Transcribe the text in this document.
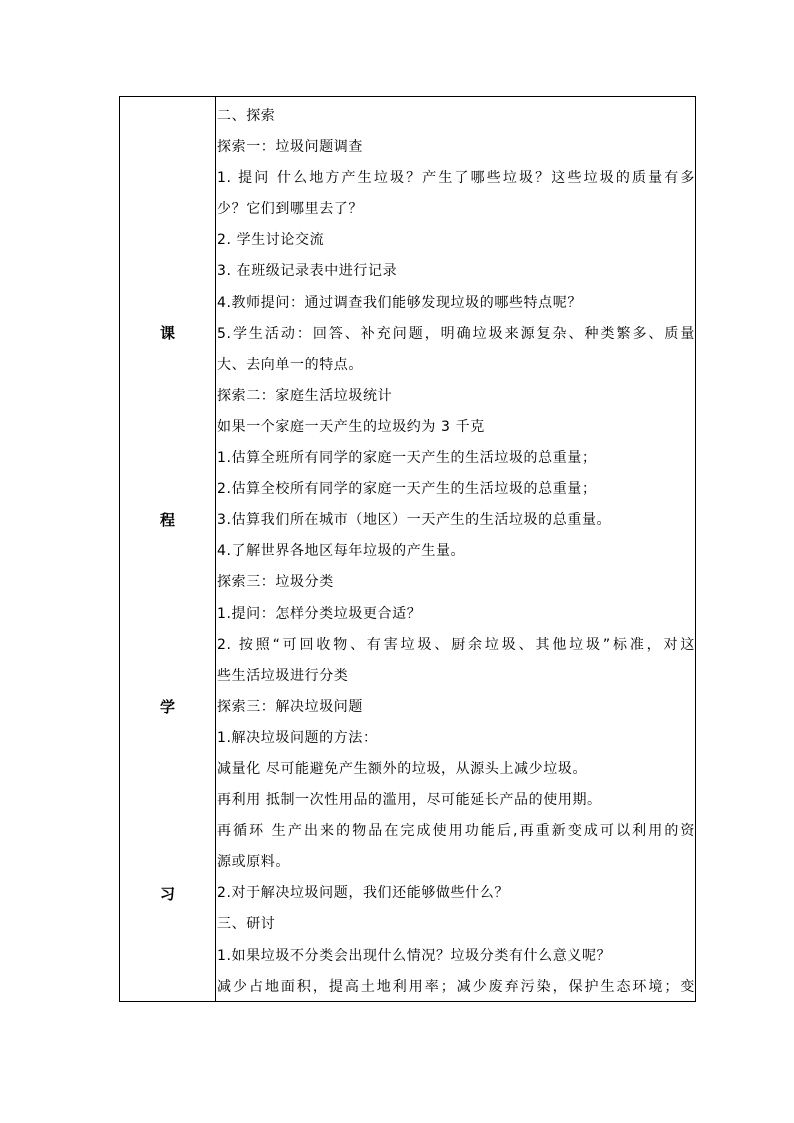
课
程
学
习
二、探索
探索一：垃圾问题调查
1. 提问 什么地方产生垃圾？产生了哪些垃圾？这些垃圾的质量有多
少？它们到哪里去了？
2. 学生讨论交流
3. 在班级记录表中进行记录
4.教师提问：通过调查我们能够发现垃圾的哪些特点呢？
5.学生活动：回答、补充问题，明确垃圾来源复杂、种类繁多、质量
大、去向单一的特点。
探索二：家庭生活垃圾统计
如果一个家庭一天产生的垃圾约为 3 千克
1.估算全班所有同学的家庭一天产生的生活垃圾的总重量；
2.估算全校所有同学的家庭一天产生的生活垃圾的总重量；
3.估算我们所在城市（地区）一天产生的生活垃圾的总重量。
4.了解世界各地区每年垃圾的产生量。
探索三：垃圾分类
1.提问：怎样分类垃圾更合适？
2. 按照“可回收物、有害垃圾、厨余垃圾、其他垃圾”标准，对这
些生活垃圾进行分类
探索三：解决垃圾问题
1.解决垃圾问题的方法：
减量化 尽可能避免产生额外的垃圾，从源头上减少垃圾。
再利用 抵制一次性用品的滥用，尽可能延长产品的使用期。
再循环 生产出来的物品在完成使用功能后,再重新变成可以利用的资
源或原料。
2.对于解决垃圾问题，我们还能够做些什么？
三、研讨
1.如果垃圾不分类会出现什么情况？垃圾分类有什么意义呢？
减少占地面积，提高土地利用率；减少废弃污染，保护生态环境；变
